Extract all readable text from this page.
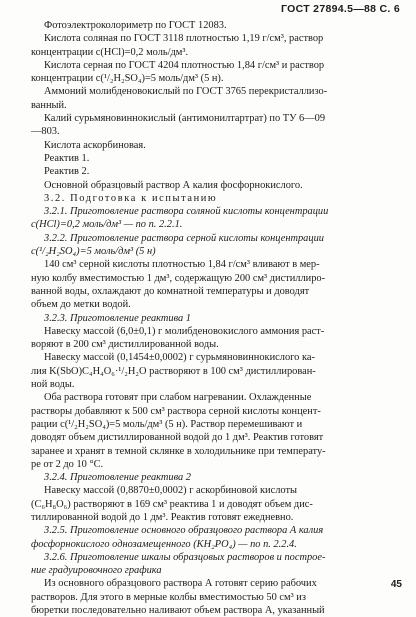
ГОСТ 27894.5—88 С. 6

Фотоэлектроколориметр по ГОСТ 12083.

Кислота соляная по ГОСТ 3118 плотностью 1,19 г/см³, раствор

концентрации c(HCl)=0,2 моль/дм³.

Кислота серная по ГОСТ 4204 плотностью 1,84 г/см³ и раствор

концентрации c(¹/₂H₂SO₄)=5 моль/дм³ (5 н).

Аммоний молибденовокислый по ГОСТ 3765 перекристаллизо-

ванный.

Калий сурьмяновиннокислый (антимонилтартрат) по ТУ 6—09

—803.

Кислота аскорбиновая.

Реактив 1.

Реактив 2.

Основной образцовый раствор А калия фосфорнокислого.

3.2. Подготовка к испытанию

3.2.1. Приготовление раствора соляной кислоты концентрации

c(HCl)=0,2 моль/дм³ — по п. 2.2.1.

3.2.2. Приготовление раствора серной кислоты концентрации

c(¹/₂H₂SO₄)=5 моль/дм³ (5 н)

140 см³ серной кислоты плотностью 1,84 г/см³ вливают в мер-

ную колбу вместимостью 1 дм³, содержащую 200 см³ дистиллиро-

ванной воды, охлаждают до комнатной температуры и доводят

объем до метки водой.

3.2.3. Приготовление реактива 1

Навеску массой (6,0±0,1) г молибденовокислого аммония раст-

воряют в 200 см³ дистиллированной воды.

Навеску массой (0,1454±0,0002) г сурьмяновиннокислого ка-

лия K(SbO)C₄H₄O₆·¹/₂H₂O растворяют в 100 см³ дистиллирован-

ной воды.

Оба раствора готовят при слабом нагревании. Охлажденные

растворы добавляют к 500 см³ раствора серной кислоты концент-

рации c(¹/₂H₂SO₄)=5 моль/дм³ (5 н). Раствор перемешивают и

доводят объем дистиллированной водой до 1 дм³. Реактив готовят

заранее и хранят в темной склянке в холодильнике при температу-

ре от 2 до 10 °С.

3.2.4. Приготовление реактива 2

Навеску массой (0,8870±0,0002) г аскорбиновой кислоты

(C₆H₈O₆) растворяют в 169 см³ реактива 1 и доводят объем дис-

тиллированной водой до 1 дм³. Реактив готовят ежедневно.

3.2.5. Приготовление основного образцового раствора А калия

фосфорнокислого однозамещенного (KH₂PO₄) — по п. 2.2.4.

3.2.6. Приготовление шкалы образцовых растворов и построе-

ние градуировочного графика

Из основного образцового раствора А готовят серию рабочих

растворов. Для этого в мерные колбы вместимостью 50 см³ из

бюретки последовательно наливают объем раствора А, указанный

45
